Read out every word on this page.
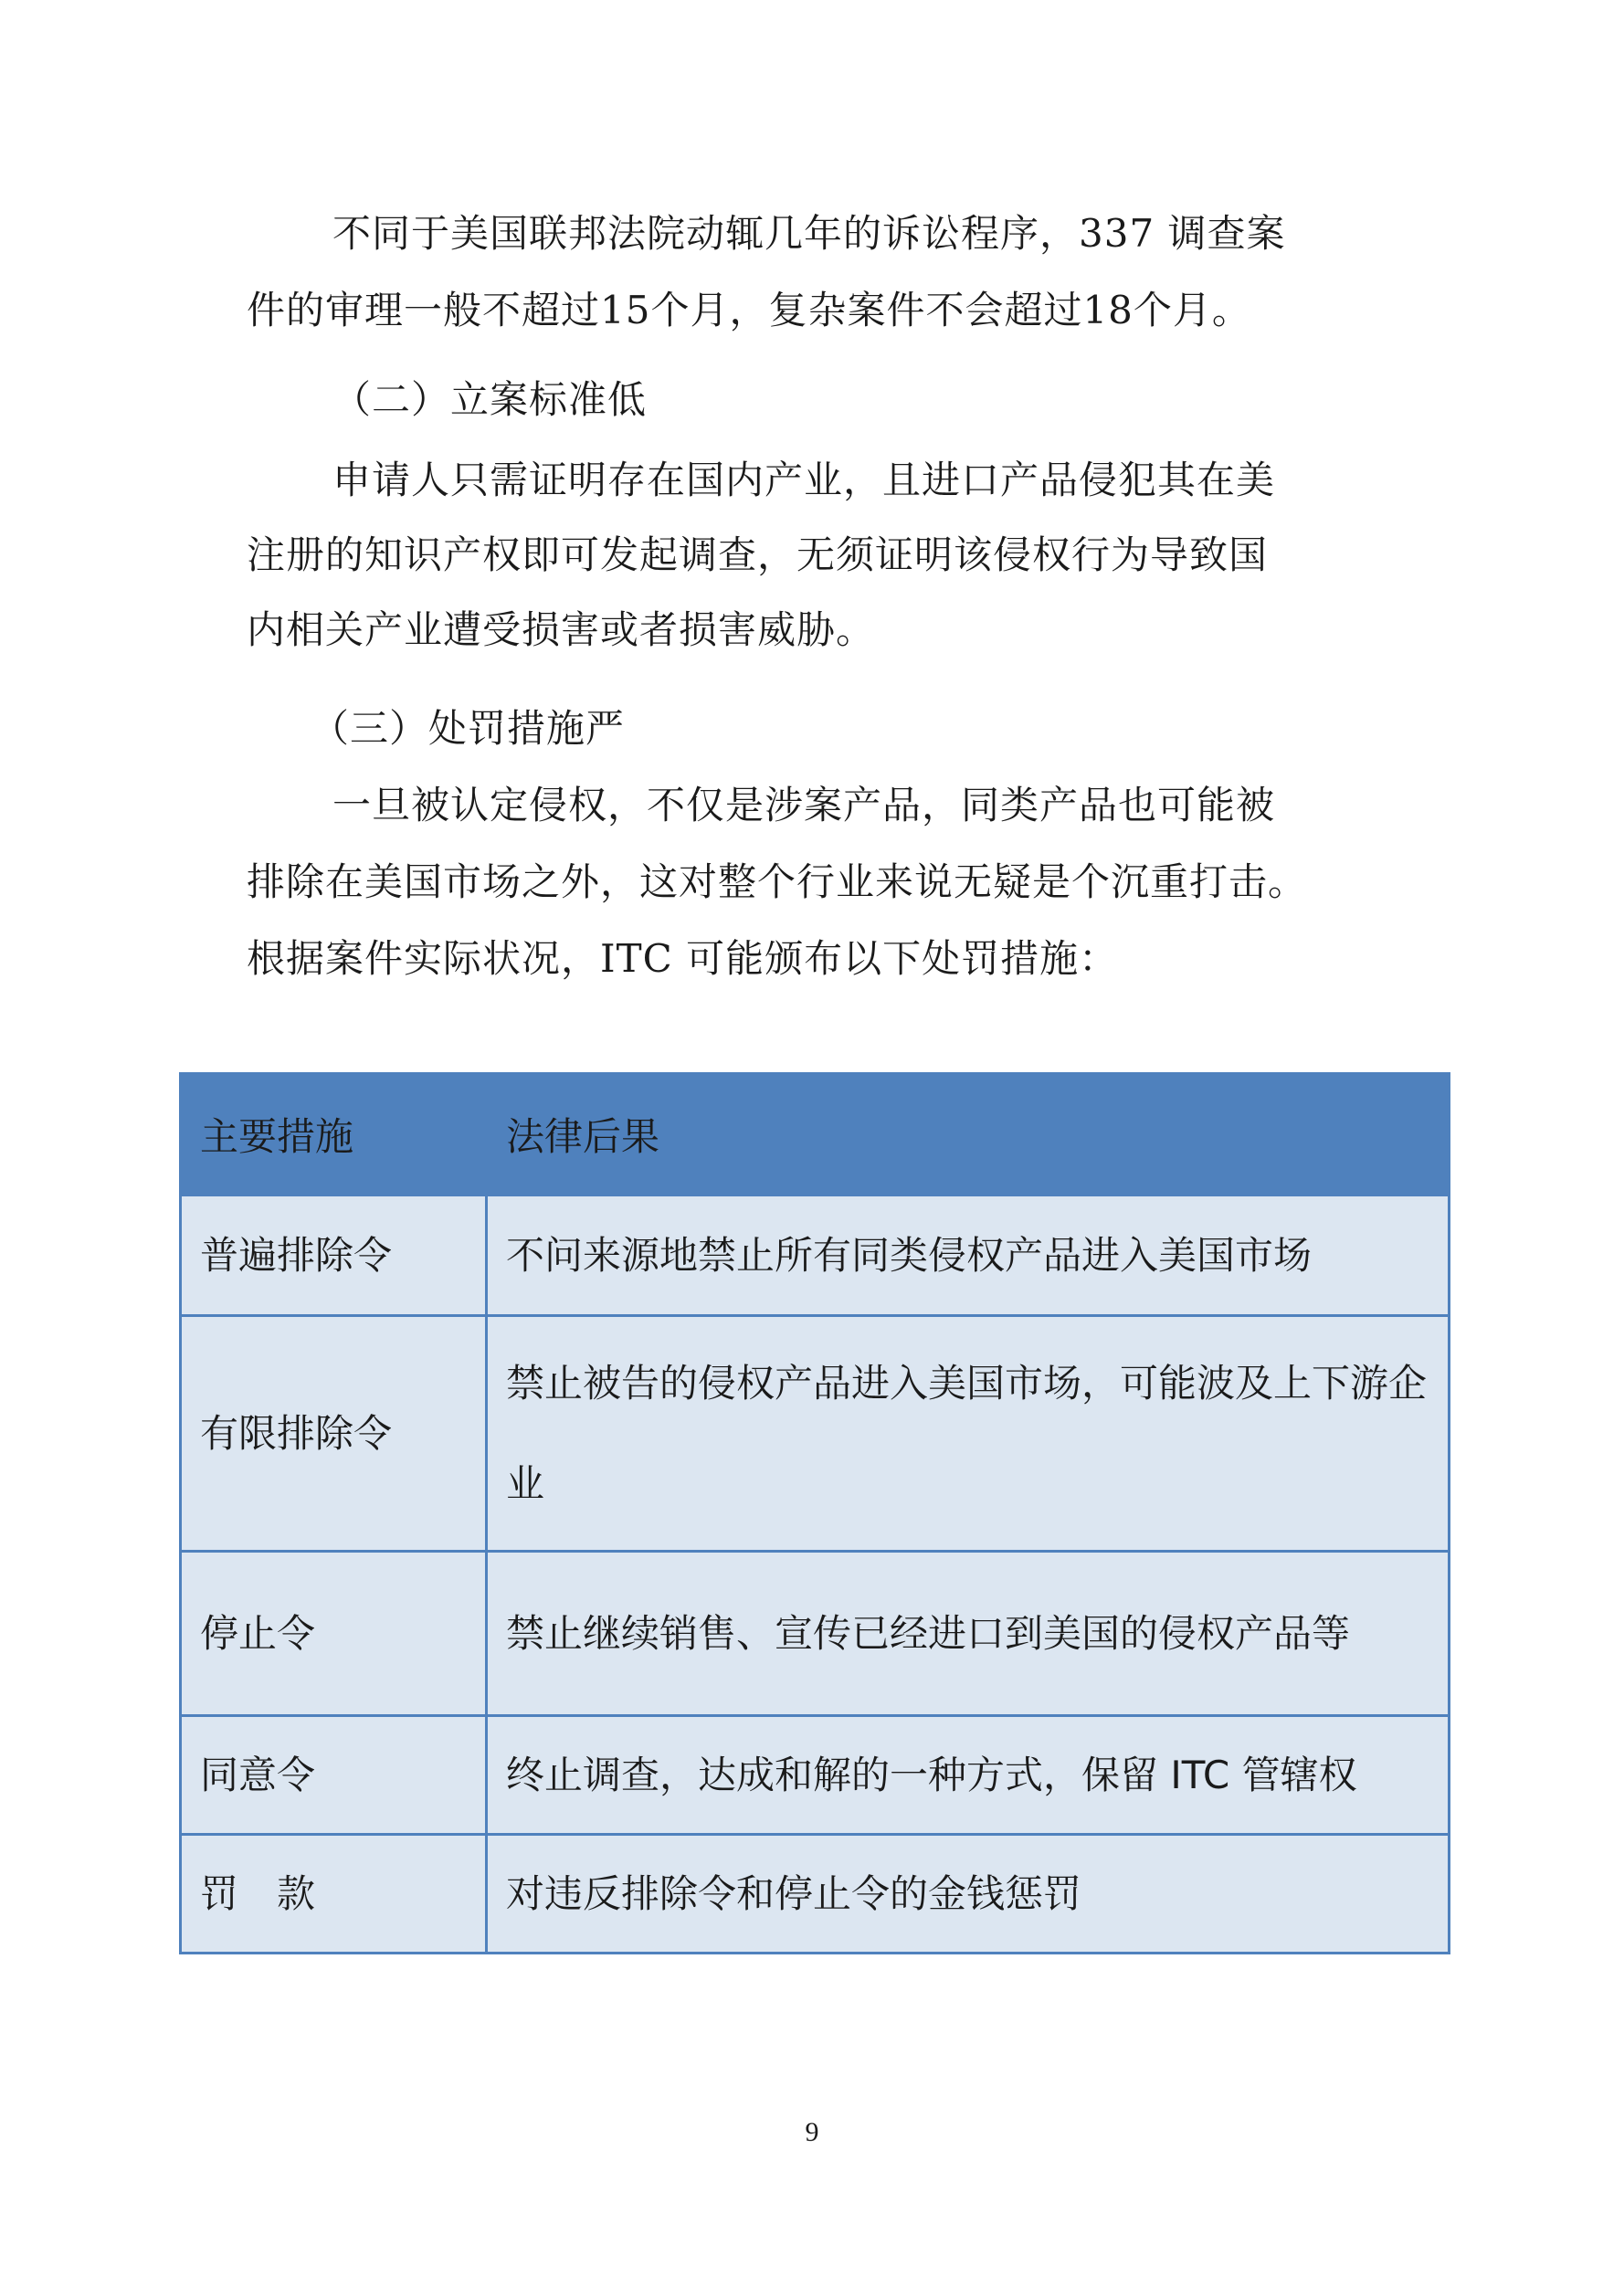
不同于美国联邦法院动辄几年的诉讼程序，337 调查案
件的审理一般不超过15个月，复杂案件不会超过18个月。
（二）立案标准低
申请人只需证明存在国内产业，且进口产品侵犯其在美
注册的知识产权即可发起调查，无须证明该侵权行为导致国
内相关产业遭受损害或者损害威胁。
（三）处罚措施严
一旦被认定侵权，不仅是涉案产品，同类产品也可能被
排除在美国市场之外，这对整个行业来说无疑是个沉重打击。
根据案件实际状况，ITC 可能颁布以下处罚措施：
主要措施	法律后果
普遍排除令	不问来源地禁止所有同类侵权产品进入美国市场
有限排除令	禁止被告的侵权产品进入美国市场，可能波及上下游企业
停止令	禁止继续销售、宣传已经进口到美国的侵权产品等
同意令	终止调查，达成和解的一种方式，保留 ITC 管辖权
罚　款	对违反排除令和停止令的金钱惩罚
9
